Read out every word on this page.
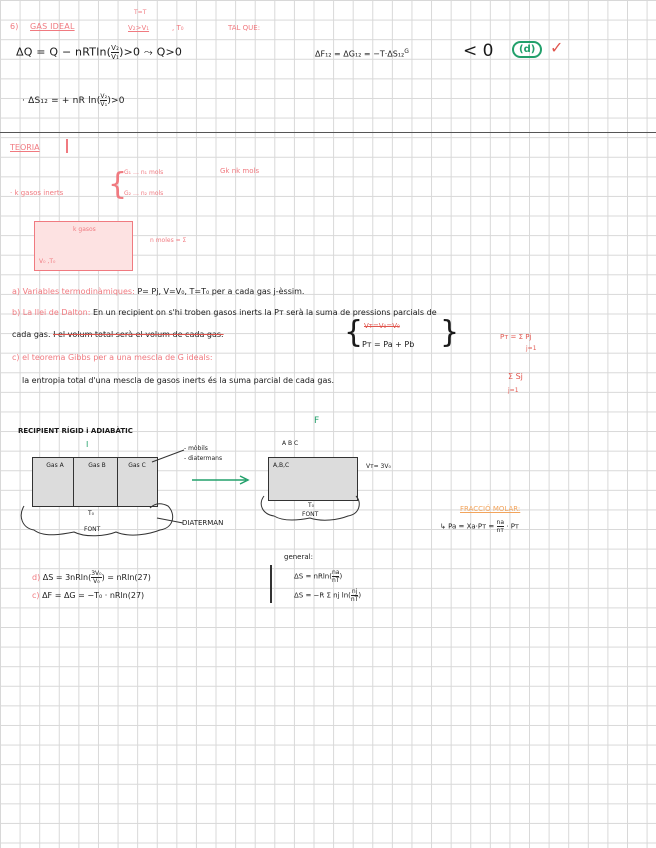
6) GAS IDEAL
T=T
V₂>V₁	, T₀	TAL QUE:
$\Delta Q = Q - nRTln( \frac{\text{V₂}}{\text{V₁}} )>0$ ⤳ Q>0	ΔF₁₂ = ΔG₁₂ = −T·ΔS₁₂$^G$	< 0	(d) ✓
· ΔS₁₂ = + nR $\ln( \frac{\text{V₂}}{\text{V₁}} )>0$
TEORIA
· k gasos inerts {
G₁ … n₁ mols
G₂ … n₂ mols
Gk nk mols
k gasos
V₀ ,T₀
n moles = Σ
a) Variables termodinàmiques: P= Pj, V=V₀, T=T₀ per a cada gas j-èssim.
b) La llei de Dalton: En un recipient on s'hi troben gasos inerts la Pт serà la suma de pressions parcials de
cada gas. I el volum total serà el volum de cada gas.	{ Vт=V₀=V₀
Pт = Pa + Pb }	Pт = Σ Pj
j=1
c) el teorema Gibbs per a una mescla de G ideals:
la entropia total d'una mescla de gasos inerts és la suma parcial de cada gas.	Σ Sj
j=1
RECIPIENT RÍGID i ADIABÀTIC
I
F
Gas A	Gas B	Gas C
T₀
FONT
- mòbils
- diatermans
A B C
A,B,C	Vт= 3V₀
T₀
FONT
DIATERMAN
FRACCIÓ MOLAR:
↳ Pa = Xa·Pт = na
nт · Pт
d) $\Delta S = 3nRln( \frac{\text{3V₀}}{\text{V₀}}$ ) = nRln(27)
c) ΔF = ΔG = −T₀ · nRln(27)
general:
$\Delta S = nRln( \frac{na}{nT}$ )
ΔS = −R Σ nj $\ln( \frac{nj}{nT}$ )
